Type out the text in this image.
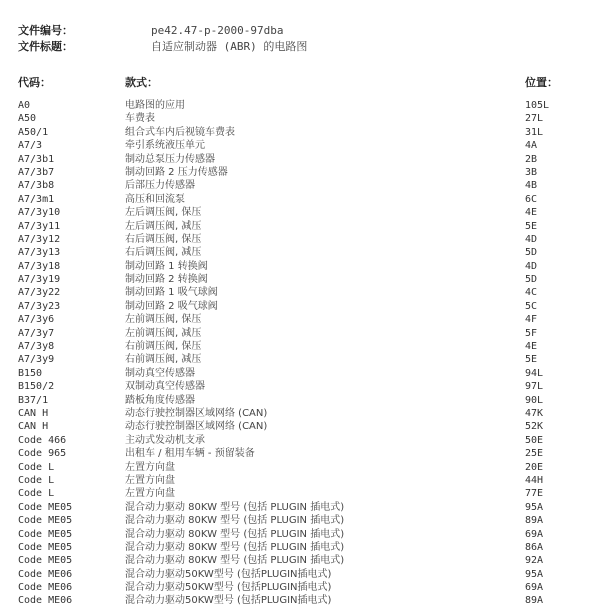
文件编号：	pe42.47-p-2000-97dba
文件标题：	自适应制动器 (ABR) 的电路图
代码：	款式：	位置：
A0	电路图的应用	105L
A50	车费表	27L
A50/1	组合式车内后视镜车费表	31L
A7/3	牵引系统液压单元	4A
A7/3b1	制动总泵压力传感器	2B
A7/3b7	制动回路 2 压力传感器	3B
A7/3b8	后部压力传感器	4B
A7/3m1	高压和回流泵	6C
A7/3y10	左后调压阀, 保压	4E
A7/3y11	左后调压阀, 减压	5E
A7/3y12	右后调压阀, 保压	4D
A7/3y13	右后调压阀, 减压	5D
A7/3y18	制动回路 1 转换阀	4D
A7/3y19	制动回路 2 转换阀	5D
A7/3y22	制动回路 1 吸气球阀	4C
A7/3y23	制动回路 2 吸气球阀	5C
A7/3y6	左前调压阀, 保压	4F
A7/3y7	左前调压阀, 减压	5F
A7/3y8	右前调压阀, 保压	4E
A7/3y9	右前调压阀, 减压	5E
B150	制动真空传感器	94L
B150/2	双制动真空传感器	97L
B37/1	踏板角度传感器	90L
CAN H	动态行驶控制器区域网络 (CAN)	47K
CAN H	动态行驶控制器区域网络 (CAN)	52K
Code 466	主动式发动机支承	50E
Code 965	出租车 / 租用车辆 - 预留装备	25E
Code L	左置方向盘	20E
Code L	左置方向盘	44H
Code L	左置方向盘	77E
Code ME05	混合动力驱动 80KW 型号 (包括 PLUGIN 插电式)	95A
Code ME05	混合动力驱动 80KW 型号 (包括 PLUGIN 插电式)	89A
Code ME05	混合动力驱动 80KW 型号 (包括 PLUGIN 插电式)	69A
Code ME05	混合动力驱动 80KW 型号 (包括 PLUGIN 插电式)	86A
Code ME05	混合动力驱动 80KW 型号 (包括 PLUGIN 插电式)	92A
Code ME06	混合动力驱动50KW型号 (包括PLUGIN插电式)	95A
Code ME06	混合动力驱动50KW型号 (包括PLUGIN插电式)	69A
Code ME06	混合动力驱动50KW型号 (包括PLUGIN插电式)	89A
